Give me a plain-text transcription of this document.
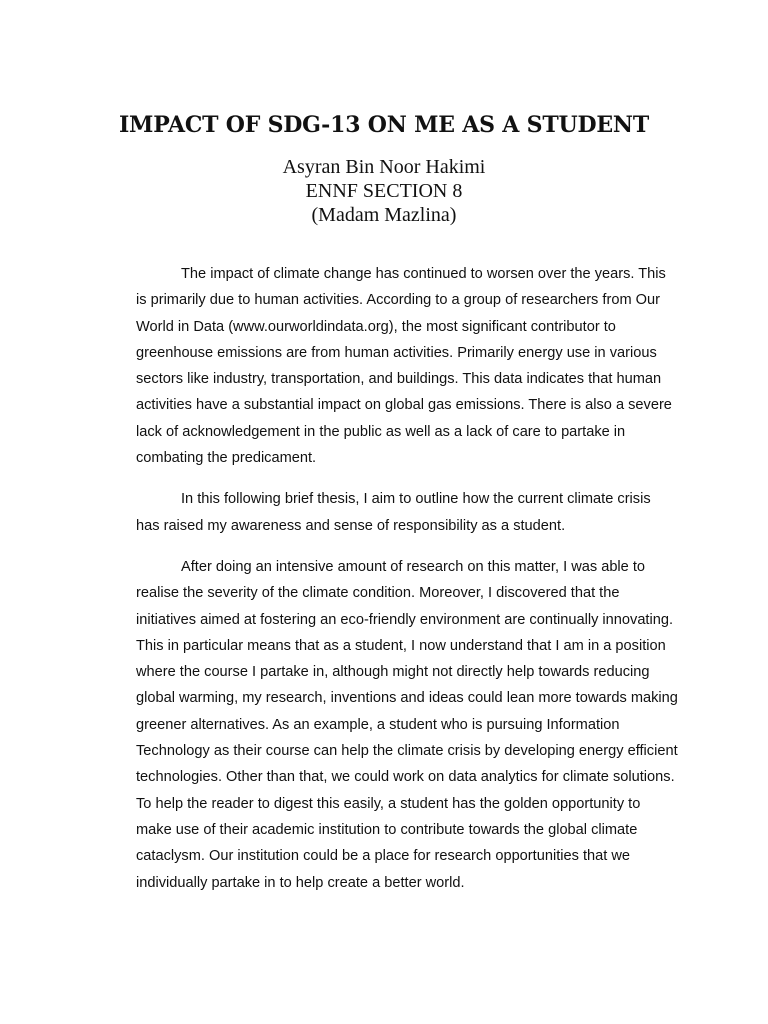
IMPACT OF SDG-13 ON ME AS A STUDENT
Asyran Bin Noor Hakimi
ENNF SECTION 8
(Madam Mazlina)

The impact of climate change has continued to worsen over the years. This is primarily due to human activities. According to a group of researchers from Our World in Data (www.ourworldindata.org), the most significant contributor to greenhouse emissions are from human activities. Primarily energy use in various sectors like industry, transportation, and buildings. This data indicates that human activities have a substantial impact on global gas emissions. There is also a severe lack of acknowledgement in the public as well as a lack of care to partake in combating the predicament.

In this following brief thesis, I aim to outline how the current climate crisis has raised my awareness and sense of responsibility as a student.

After doing an intensive amount of research on this matter, I was able to realise the severity of the climate condition. Moreover, I discovered that the initiatives aimed at fostering an eco-friendly environment are continually innovating. This in particular means that as a student, I now understand that I am in a position where the course I partake in, although might not directly help towards reducing global warming, my research, inventions and ideas could lean more towards making greener alternatives. As an example, a student who is pursuing Information Technology as their course can help the climate crisis by developing energy efficient technologies. Other than that, we could work on data analytics for climate solutions. To help the reader to digest this easily, a student has the golden opportunity to make use of their academic institution to contribute towards the global climate cataclysm. Our institution could be a place for research opportunities that we individually partake in to help create a better world.
